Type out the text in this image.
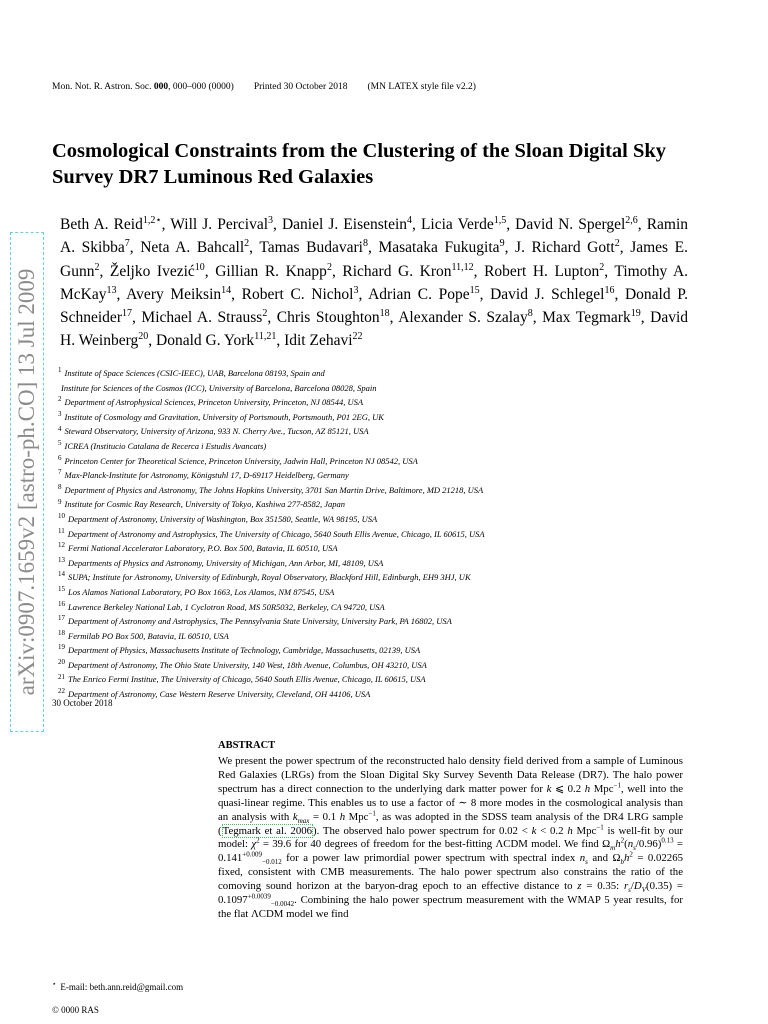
arXiv:0907.1659v2 [astro-ph.CO] 13 Jul 2009
Mon. Not. R. Astron. Soc. 000, 000–000 (0000) Printed 30 October 2018 (MN LATEX style file v2.2)
Cosmological Constraints from the Clustering of the Sloan Digital Sky Survey DR7 Luminous Red Galaxies
Beth A. Reid$^{1,2⋆}$, Will J. Percival$^3$, Daniel J. Eisenstein$^4$, Licia Verde$^{1,5}$, David N. Spergel$^{2,6}$, Ramin A. Skibba$^7$, Neta A. Bahcall$^2$, Tamas Budavari$^8$, Masataka Fukugita$^9$, J. Richard Gott$^2$, James E. Gunn$^2$, Željko Ivezić$^{10}$, Gillian R. Knapp$^2$, Richard G. Kron$^{11,12}$, Robert H. Lupton$^2$, Timothy A. McKay$^{13}$, Avery Meiksin$^{14}$, Robert C. Nichol$^3$, Adrian C. Pope$^{15}$, David J. Schlegel$^{16}$, Donald P. Schneider$^{17}$, Michael A. Strauss$^2$, Chris Stoughton$^{18}$, Alexander S. Szalay$^8$, Max Tegmark$^{19}$, David H. Weinberg$^{20}$, Donald G. York$^{11,21}$, Idit Zehavi$^{22}$
$^1$ Institute of Space Sciences (CSIC-IEEC), UAB, Barcelona 08193, Spain and
Institute for Sciences of the Cosmos (ICC), University of Barcelona, Barcelona 08028, Spain
$^2$ Department of Astrophysical Sciences, Princeton University, Princeton, NJ 08544, USA
$^3$ Institute of Cosmology and Gravitation, University of Portsmouth, Portsmouth, P01 2EG, UK
$^4$ Steward Observatory, University of Arizona, 933 N. Cherry Ave., Tucson, AZ 85121, USA
$^5$ ICREA (Institucio Catalana de Recerca i Estudis Avancats)
$^6$ Princeton Center for Theoretical Science, Princeton University, Jadwin Hall, Princeton NJ 08542, USA
$^7$ Max-Planck-Institute for Astronomy, Königstuhl 17, D-69117 Heidelberg, Germany
$^8$ Department of Physics and Astronomy, The Johns Hopkins University, 3701 San Martin Drive, Baltimore, MD 21218, USA
$^9$ Institute for Cosmic Ray Research, University of Tokyo, Kashiwa 277-8582, Japan
$^{10}$ Department of Astronomy, University of Washington, Box 351580, Seattle, WA 98195, USA
$^{11}$ Department of Astronomy and Astrophysics, The University of Chicago, 5640 South Ellis Avenue, Chicago, IL 60615, USA
$^{12}$ Fermi National Accelerator Laboratory, P.O. Box 500, Batavia, IL 60510, USA
$^{13}$ Departments of Physics and Astronomy, University of Michigan, Ann Arbor, MI, 48109, USA
$^{14}$ SUPA; Institute for Astronomy, University of Edinburgh, Royal Observatory, Blackford Hill, Edinburgh, EH9 3HJ, UK
$^{15}$ Los Alamos National Laboratory, PO Box 1663, Los Alamos, NM 87545, USA
$^{16}$ Lawrence Berkeley National Lab, 1 Cyclotron Road, MS 50R5032, Berkeley, CA 94720, USA
$^{17}$ Department of Astronomy and Astrophysics, The Pennsylvania State University, University Park, PA 16802, USA
$^{18}$ Fermilab PO Box 500, Batavia, IL 60510, USA
$^{19}$ Department of Physics, Massachusetts Institute of Technology, Cambridge, Massachusetts, 02139, USA
$^{20}$ Department of Astronomy, The Ohio State University, 140 West, 18th Avenue, Columbus, OH 43210, USA
$^{21}$ The Enrico Fermi Institue, The University of Chicago, 5640 South Ellis Avenue, Chicago, IL 60615, USA
$^{22}$ Department of Astronomy, Case Western Reserve University, Cleveland, OH 44106, USA
30 October 2018
ABSTRACT

We present the power spectrum of the reconstructed halo density field derived from a sample of Luminous Red Galaxies (LRGs) from the Sloan Digital Sky Survey Seventh Data Release (DR7). The halo power spectrum has a direct connection to the underlying dark matter power for k ⩽ 0.2 h Mpc$^{-1}$, well into the quasi-linear regime. This enables us to use a factor of ∼ 8 more modes in the cosmological analysis than an analysis with $k_{max} = 0.1$ h Mpc$^{-1}$, as was adopted in the SDSS team analysis of the DR4 LRG sample (Tegmark et al. 2006). The observed halo power spectrum for 0.02 < k < 0.2 h Mpc$^{-1}$ is well-fit by our model: $\chi^2 = 39.6$ for 40 degrees of freedom for the best-fitting ΛCDM model. We find $\Omega_mh^2(n_s/0.96)^{0.13} = 0.141^{+0.009}_{-0.012}$ for a power law primordial power spectrum with spectral index $n_s$ and $\Omega_bh^2 = 0.02265$ fixed, consistent with CMB measurements. The halo power spectrum also constrains the ratio of the comoving sound horizon at the baryon-drag epoch to an effective distance to z = 0.35: $r_s/D_V(0.35) = 0.1097^{+0.0039}_{-0.0042}$. Combining the halo power spectrum measurement with the WMAP 5 year results, for the flat ΛCDM model we find

⋆ E-mail: beth.ann.reid@gmail.com
© 0000 RAS
